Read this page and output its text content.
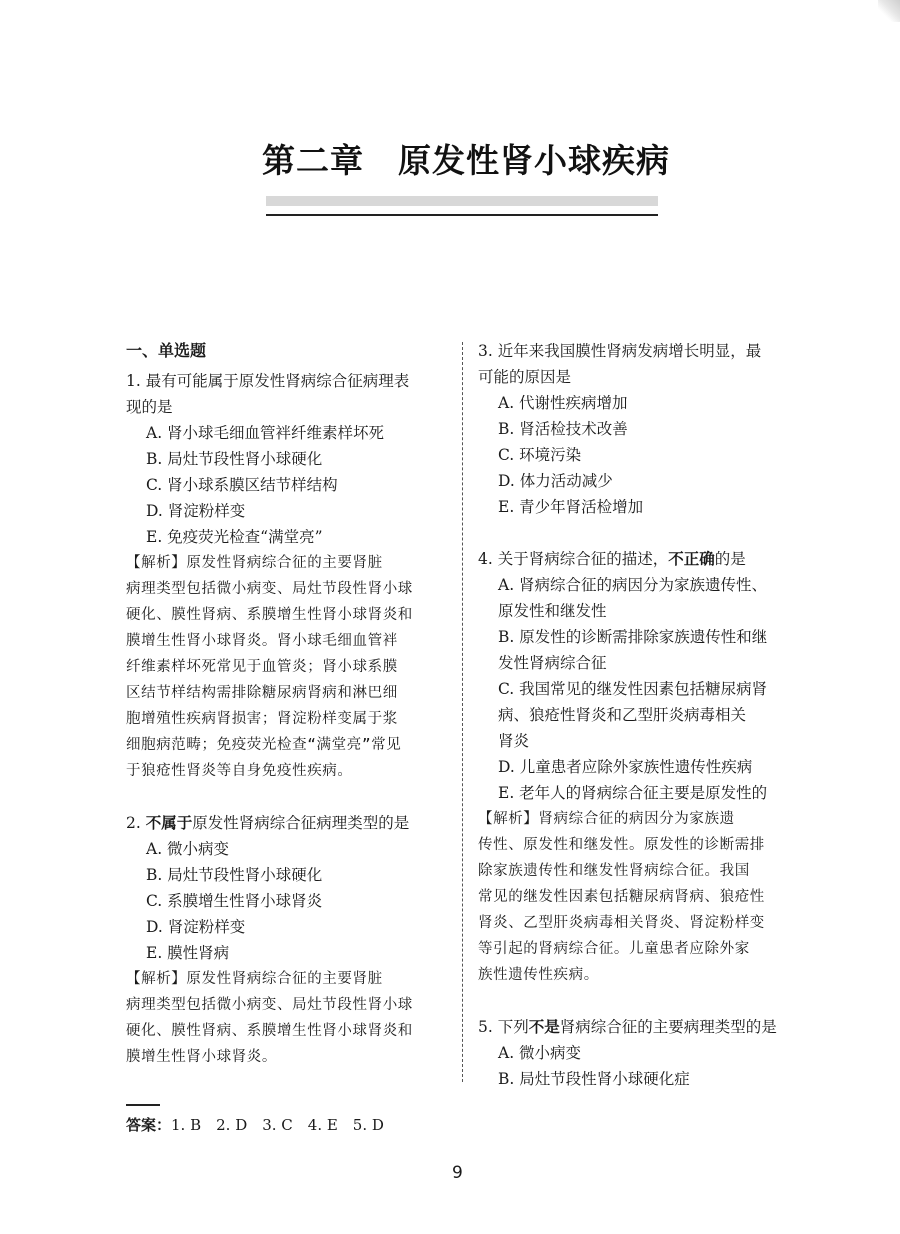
第二章　原发性肾小球疾病
一、单选题
1. 最有可能属于原发性肾病综合征病理表
现的是
A. 肾小球毛细血管袢纤维素样坏死
B. 局灶节段性肾小球硬化
C. 肾小球系膜区结节样结构
D. 肾淀粉样变
E. 免疫荧光检查“满堂亮”
【解析】原发性肾病综合征的主要肾脏
病理类型包括微小病变、局灶节段性肾小球
硬化、膜性肾病、系膜增生性肾小球肾炎和
膜增生性肾小球肾炎。肾小球毛细血管袢
纤维素样坏死常见于血管炎；肾小球系膜
区结节样结构需排除糖尿病肾病和淋巴细
胞增殖性疾病肾损害；肾淀粉样变属于浆
细胞病范畴；免疫荧光检查“满堂亮”常见
于狼疮性肾炎等自身免疫性疾病。
2. 不属于原发性肾病综合征病理类型的是
A. 微小病变
B. 局灶节段性肾小球硬化
C. 系膜增生性肾小球肾炎
D. 肾淀粉样变
E. 膜性肾病
【解析】原发性肾病综合征的主要肾脏
病理类型包括微小病变、局灶节段性肾小球
硬化、膜性肾病、系膜增生性肾小球肾炎和
膜增生性肾小球肾炎。
3. 近年来我国膜性肾病发病增长明显，最
可能的原因是
A. 代谢性疾病增加
B. 肾活检技术改善
C. 环境污染
D. 体力活动减少
E. 青少年肾活检增加
4. 关于肾病综合征的描述，不正确的是
A. 肾病综合征的病因分为家族遗传性、
原发性和继发性
B. 原发性的诊断需排除家族遗传性和继
发性肾病综合征
C. 我国常见的继发性因素包括糖尿病肾
病、狼疮性肾炎和乙型肝炎病毒相关
肾炎
D. 儿童患者应除外家族性遗传性疾病
E. 老年人的肾病综合征主要是原发性的
【解析】肾病综合征的病因分为家族遗
传性、原发性和继发性。原发性的诊断需排
除家族遗传性和继发性肾病综合征。我国
常见的继发性因素包括糖尿病肾病、狼疮性
肾炎、乙型肝炎病毒相关肾炎、肾淀粉样变
等引起的肾病综合征。儿童患者应除外家
族性遗传性疾病。
5. 下列不是肾病综合征的主要病理类型的是
A. 微小病变
B. 局灶节段性肾小球硬化症
答案：1. B　2. D　3. C　4. E　5. D
9
